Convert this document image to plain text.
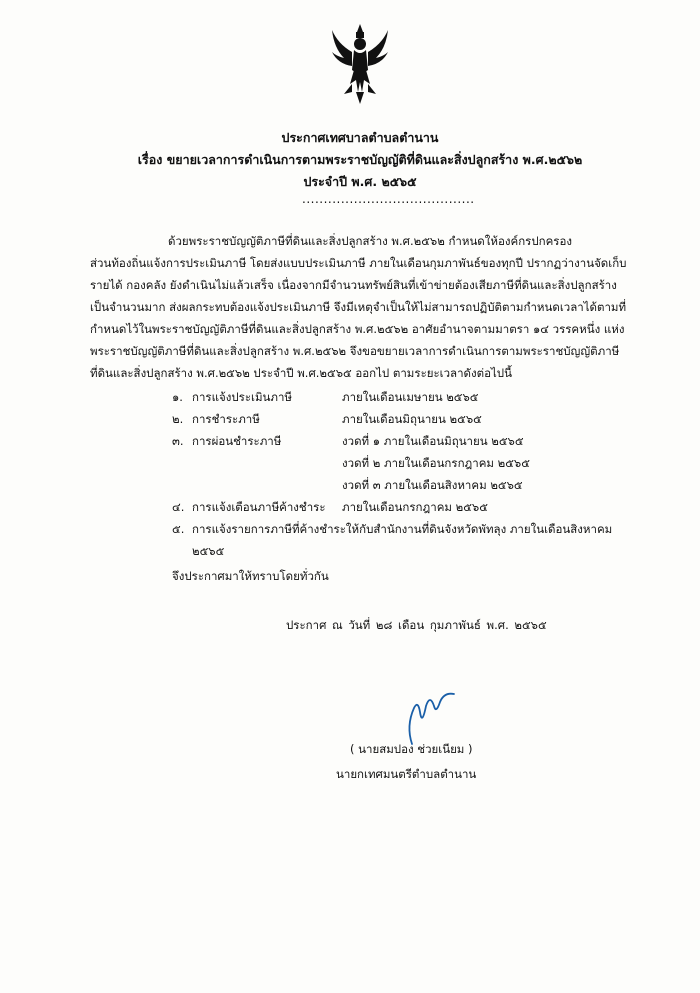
ประกาศเทศบาลตำบลตำนาน
เรื่อง ขยายเวลาการดำเนินการตามพระราชบัญญัติที่ดินและสิ่งปลูกสร้าง พ.ศ.๒๕๖๒
ประจำปี พ.ศ. ๒๕๖๕
........................................
ด้วยพระราชบัญญัติภาษีที่ดินและสิ่งปลูกสร้าง พ.ศ.๒๕๖๒ กำหนดให้องค์กรปกครอง
ส่วนท้องถิ่นแจ้งการประเมินภาษี โดยส่งแบบประเมินภาษี ภายในเดือนกุมภาพันธ์ของทุกปี ปรากฏว่างานจัดเก็บ
รายได้ กองคลัง ยังดำเนินไม่แล้วเสร็จ เนื่องจากมีจำนวนทรัพย์สินที่เข้าข่ายต้องเสียภาษีที่ดินและสิ่งปลูกสร้าง
เป็นจำนวนมาก ส่งผลกระทบต้องแจ้งประเมินภาษี จึงมีเหตุจำเป็นให้ไม่สามารถปฏิบัติตามกำหนดเวลาได้ตามที่
กำหนดไว้ในพระราชบัญญัติภาษีที่ดินและสิ่งปลูกสร้าง พ.ศ.๒๕๖๒ อาศัยอำนาจตามมาตรา ๑๔ วรรคหนึ่ง แห่ง
พระราชบัญญัติภาษีที่ดินและสิ่งปลูกสร้าง พ.ศ.๒๕๖๒ จึงขอขยายเวลาการดำเนินการตามพระราชบัญญัติภาษี
ที่ดินและสิ่งปลูกสร้าง พ.ศ.๒๕๖๒ ประจำปี พ.ศ.๒๕๖๕ ออกไป ตามระยะเวลาดังต่อไปนี้
๑. การแจ้งประเมินภาษี	ภายในเดือนเมษายน ๒๕๖๕
๒. การชำระภาษี	ภายในเดือนมิถุนายน ๒๕๖๕
๓. การผ่อนชำระภาษี	งวดที่ ๑ ภายในเดือนมิถุนายน ๒๕๖๕
งวดที่ ๒ ภายในเดือนกรกฎาคม ๒๕๖๕
งวดที่ ๓ ภายในเดือนสิงหาคม ๒๕๖๕
๔. การแจ้งเตือนภาษีค้างชำระ ภายในเดือนกรกฎาคม ๒๕๖๕
๕. การแจ้งรายการภาษีที่ค้างชำระให้กับสำนักงานที่ดินจังหวัดพัทลุง ภายในเดือนสิงหาคม
๒๕๖๕
จึงประกาศมาให้ทราบโดยทั่วกัน
ประกาศ ณ วันที่ ๒๘ เดือน กุมภาพันธ์ พ.ศ. ๒๕๖๕
( นายสมปอง ช่วยเนียม )
นายกเทศมนตรีตำบลตำนาน
